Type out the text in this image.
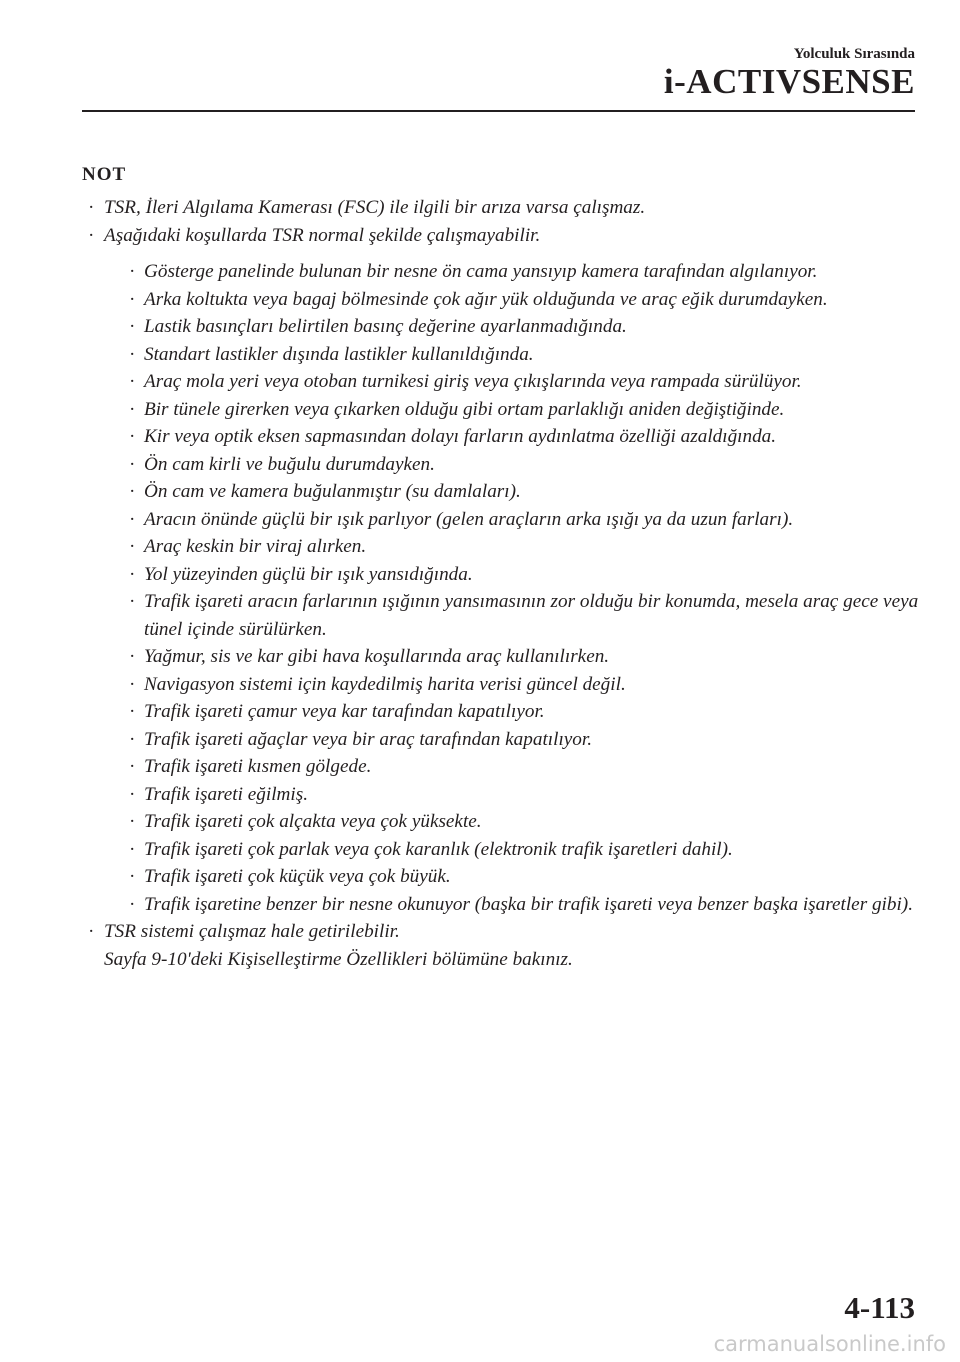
Yolculuk Sırasında
i-ACTIVSENSE
NOT
· TSR, İleri Algılama Kamerası (FSC) ile ilgili bir arıza varsa çalışmaz.
· Aşağıdaki koşullarda TSR normal şekilde çalışmayabilir.
· Gösterge panelinde bulunan bir nesne ön cama yansıyıp kamera tarafından algılanıyor.
· Arka koltukta veya bagaj bölmesinde çok ağır yük olduğunda ve araç eğik durumdayken.
· Lastik basınçları belirtilen basınç değerine ayarlanmadığında.
· Standart lastikler dışında lastikler kullanıldığında.
· Araç mola yeri veya otoban turnikesi giriş veya çıkışlarında veya rampada sürülüyor.
· Bir tünele girerken veya çıkarken olduğu gibi ortam parlaklığı aniden değiştiğinde.
· Kir veya optik eksen sapmasından dolayı farların aydınlatma özelliği azaldığında.
· Ön cam kirli ve buğulu durumdayken.
· Ön cam ve kamera buğulanmıştır (su damlaları).
· Aracın önünde güçlü bir ışık parlıyor (gelen araçların arka ışığı ya da uzun farları).
· Araç keskin bir viraj alırken.
· Yol yüzeyinden güçlü bir ışık yansıdığında.
· Trafik işareti aracın farlarının ışığının yansımasının zor olduğu bir konumda, mesela araç gece veya tünel içinde sürülürken.
· Yağmur, sis ve kar gibi hava koşullarında araç kullanılırken.
· Navigasyon sistemi için kaydedilmiş harita verisi güncel değil.
· Trafik işareti çamur veya kar tarafından kapatılıyor.
· Trafik işareti ağaçlar veya bir araç tarafından kapatılıyor.
· Trafik işareti kısmen gölgede.
· Trafik işareti eğilmiş.
· Trafik işareti çok alçakta veya çok yüksekte.
· Trafik işareti çok parlak veya çok karanlık (elektronik trafik işaretleri dahil).
· Trafik işareti çok küçük veya çok büyük.
· Trafik işaretine benzer bir nesne okunuyor (başka bir trafik işareti veya benzer başka işaretler gibi).
· TSR sistemi çalışmaz hale getirilebilir.
Sayfa 9-10'deki Kişiselleştirme Özellikleri bölümüne bakınız.
4-113
carmanualsonline.info
